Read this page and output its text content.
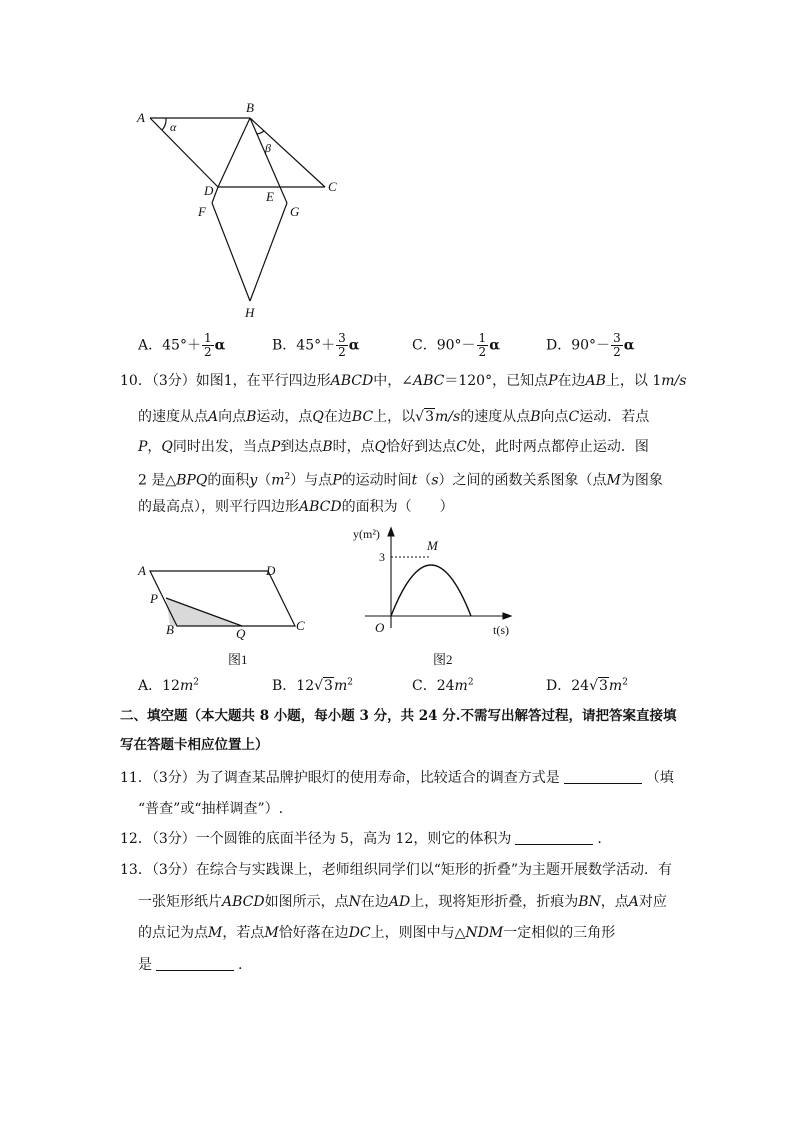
A
α
B
β
C
D	E
F	G
H
A．$45^\circ+ \frac{1}{2}$ α	B．$45^\circ+ \frac{3}{2}$ α	C．$90^\circ- \frac{1}{2}$ α	D．$90^\circ- \frac{3}{2}$ α
10．（3分）如图1，在平行四边形ABCD中，∠ABC＝120°，已知点P在边AB上，以 1m/s
的速度从点A向点B运动，点Q在边BC上，以√3m/s的速度从点B向点C运动．若点
P，Q同时出发，当点P到达点B时，点Q恰好到达点C处，此时两点都停止运动．图
2 是△BPQ的面积$y(m^2)$与点P的运动时间t（s）之间的函数关系图象（点M为图象
的最高点），则平行四边形ABCD的面积为（　　）
A	D
P
B	Q
C
图1
y(m²)
3
M
O	t(s)
图2
A．$12m^2$	B．$12√3m^2$	C．$24m^2$	D．$24√3m^2$
二、填空题（本大题共 8 小题，每小题 3 分，共 24 分.不需写出解答过程，请把答案直接填
写在答题卡相应位置上）
11．（3分）为了调查某品牌护眼灯的使用寿命，比较适合的调查方式是	（填
“普查”或“抽样调查”）.
12．（3分）一个圆锥的底面半径为 5，高为 12，则它的体积为	.
13．（3分）在综合与实践课上，老师组织同学们以“矩形的折叠”为主题开展数学活动．有
一张矩形纸片ABCD如图所示，点N在边AD上，现将矩形折叠，折痕为BN，点A对应
的点记为点M，若点M恰好落在边DC上，则图中与△NDM一定相似的三角形
是	.
